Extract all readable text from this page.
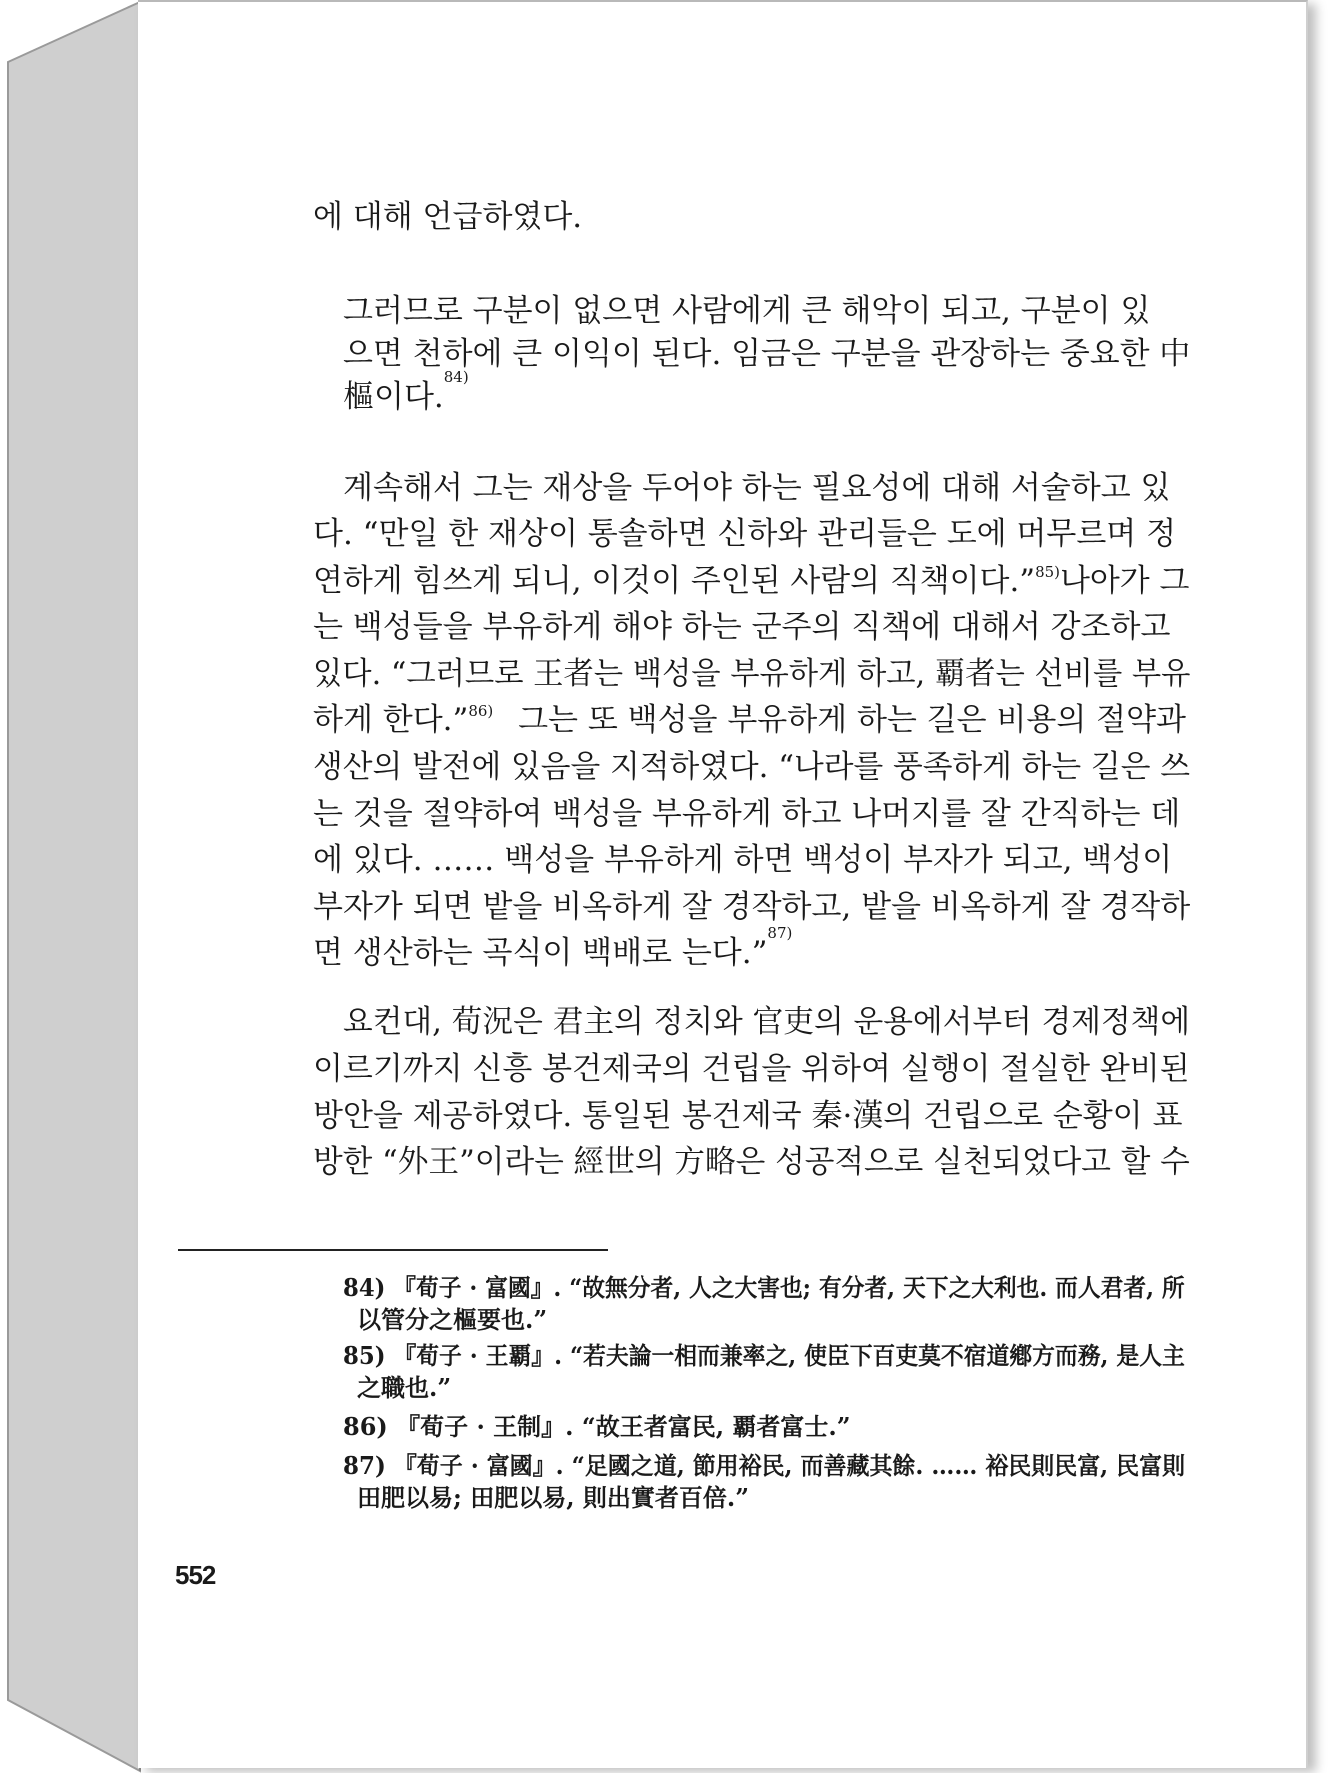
에 대해 언급하였다.
그러므로 구분이 없으면 사람에게 큰 해악이 되고, 구분이 있
으면 천하에 큰 이익이 된다. 임금은 구분을 관장하는 중요한 中
樞이다.
84)
계속해서 그는 재상을 두어야 하는 필요성에 대해 서술하고 있
다. “만일 한 재상이 통솔하면 신하와 관리들은 도에 머무르며 정
연하게 힘쓰게 되니, 이것이 주인된 사람의 직책이다.”$^{85)}$ 나아가 그
는 백성들을 부유하게 해야 하는 군주의 직책에 대해서 강조하고
있다. “그러므로 王者는 백성을 부유하게 하고, 覇者는 선비를 부유
하게 한다.”$^{86)}$ 그는 또 백성을 부유하게 하는 길은 비용의 절약과
생산의 발전에 있음을 지적하였다. “나라를 풍족하게 하는 길은 쓰
는 것을 절약하여 백성을 부유하게 하고 나머지를 잘 간직하는 데
에 있다. …… 백성을 부유하게 하면 백성이 부자가 되고, 백성이
부자가 되면 밭을 비옥하게 잘 경작하고, 밭을 비옥하게 잘 경작하
면 생산하는 곡식이 백배로 는다.”
87)
요컨대, 荀況은 君主의 정치와 官吏의 운용에서부터 경제정책에
이르기까지 신흥 봉건제국의 건립을 위하여 실행이 절실한 완비된
방안을 제공하였다. 통일된 봉건제국 秦·漢의 건립으로 순황이 표
방한 “外王”이라는 經世의 方略은 성공적으로 실천되었다고 할 수
84) 『荀子 · 富國』. “故無分者, 人之大害也; 有分者, 天下之大利也. 而人君者, 所
以管分之樞要也.”
85) 『荀子 · 王覇』. “若夫論一相而兼率之, 使臣下百吏莫不宿道鄕方而務, 是人主
之職也.”
86) 『荀子 · 王制』. “故王者富民, 覇者富士.”
87) 『荀子 · 富國』. “足國之道, 節用裕民, 而善藏其餘. …… 裕民則民富, 民富則
田肥以易; 田肥以易, 則出實者百倍.”
552
